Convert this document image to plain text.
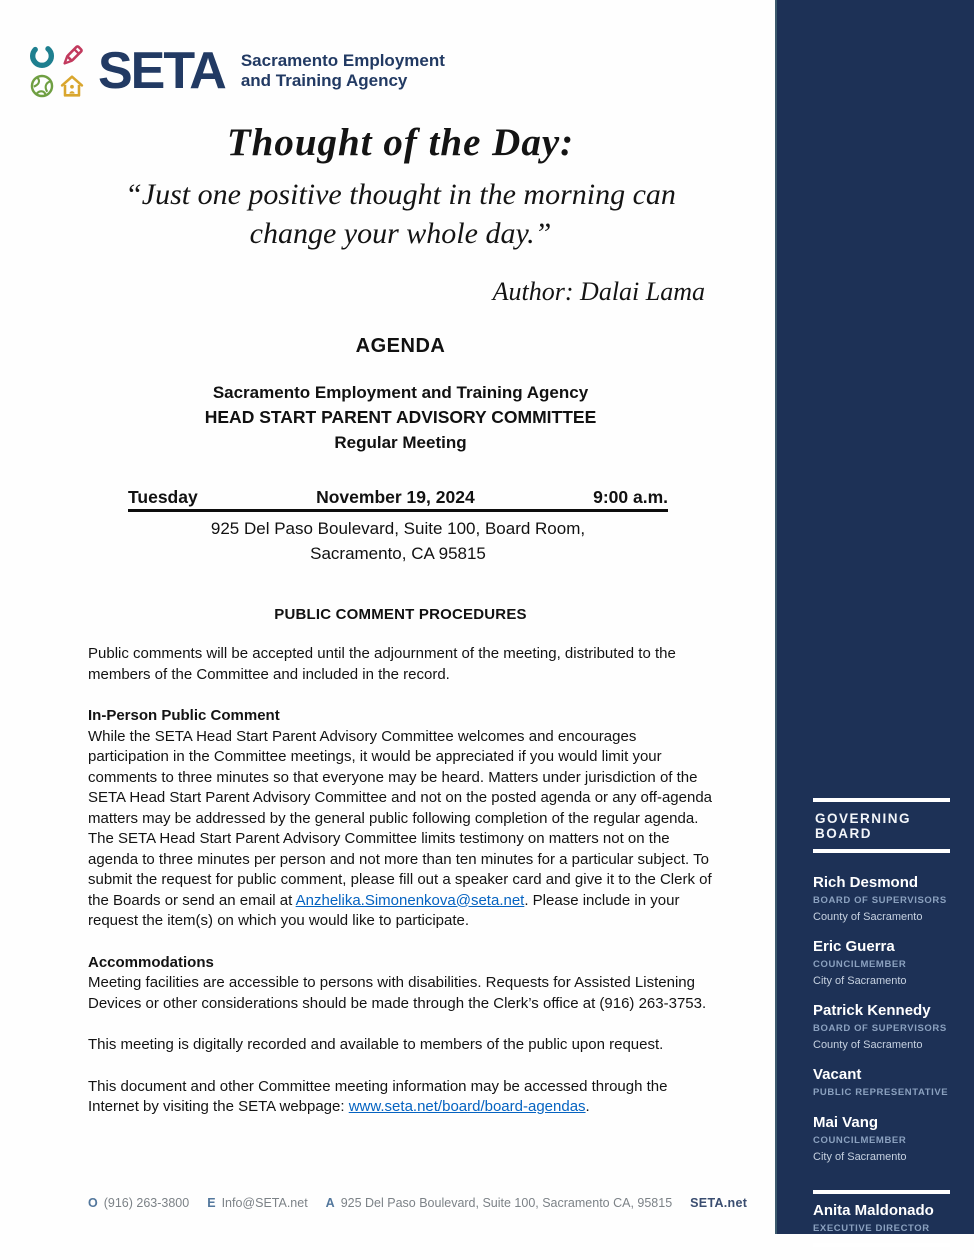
SETA Sacramento Employment
and Training Agency
Thought of the Day:
“Just one positive thought in the morning can
change your whole day.”
Author: Dalai Lama
AGENDA
Sacramento Employment and Training Agency
HEAD START PARENT ADVISORY COMMITTEE
Regular Meeting
Tuesday	November 19, 2024	9:00 a.m.
925 Del Paso Boulevard, Suite 100, Board Room,
Sacramento, CA 95815
PUBLIC COMMENT PROCEDURES
Public comments will be accepted until the adjournment of the meeting, distributed to the members of the Committee and included in the record.
In-Person Public Comment
While the SETA Head Start Parent Advisory Committee welcomes and encourages participation in the Committee meetings, it would be appreciated if you would limit your comments to three minutes so that everyone may be heard. Matters under jurisdiction of the SETA Head Start Parent Advisory Committee and not on the posted agenda or any off-agenda matters may be addressed by the general public following completion of the regular agenda. The SETA Head Start Parent Advisory Committee limits testimony on matters not on the agenda to three minutes per person and not more than ten minutes for a particular subject. To submit the request for public comment, please fill out a speaker card and give it to the Clerk of the Boards or send an email at Anzhelika.Simonenkova@seta.net. Please include in your request the item(s) on which you would like to participate.
Accommodations
Meeting facilities are accessible to persons with disabilities. Requests for Assisted Listening Devices or other considerations should be made through the Clerk’s office at (916) 263-3753.
This meeting is digitally recorded and available to members of the public upon request.
This document and other Committee meeting information may be accessed through the Internet by visiting the SETA webpage: www.seta.net/board/board-agendas.
GOVERNING BOARD
Rich Desmond
BOARD OF SUPERVISORS
County of Sacramento
Eric Guerra
COUNCILMEMBER
City of Sacramento
Patrick Kennedy
BOARD OF SUPERVISORS
County of Sacramento
Vacant
PUBLIC REPRESENTATIVE
Mai Vang
COUNCILMEMBER
City of Sacramento
Anita Maldonado
EXECUTIVE DIRECTOR
O (916) 263-3800 E Info@SETA.net A 925 Del Paso Boulevard, Suite 100, Sacramento CA, 95815 SETA.net
